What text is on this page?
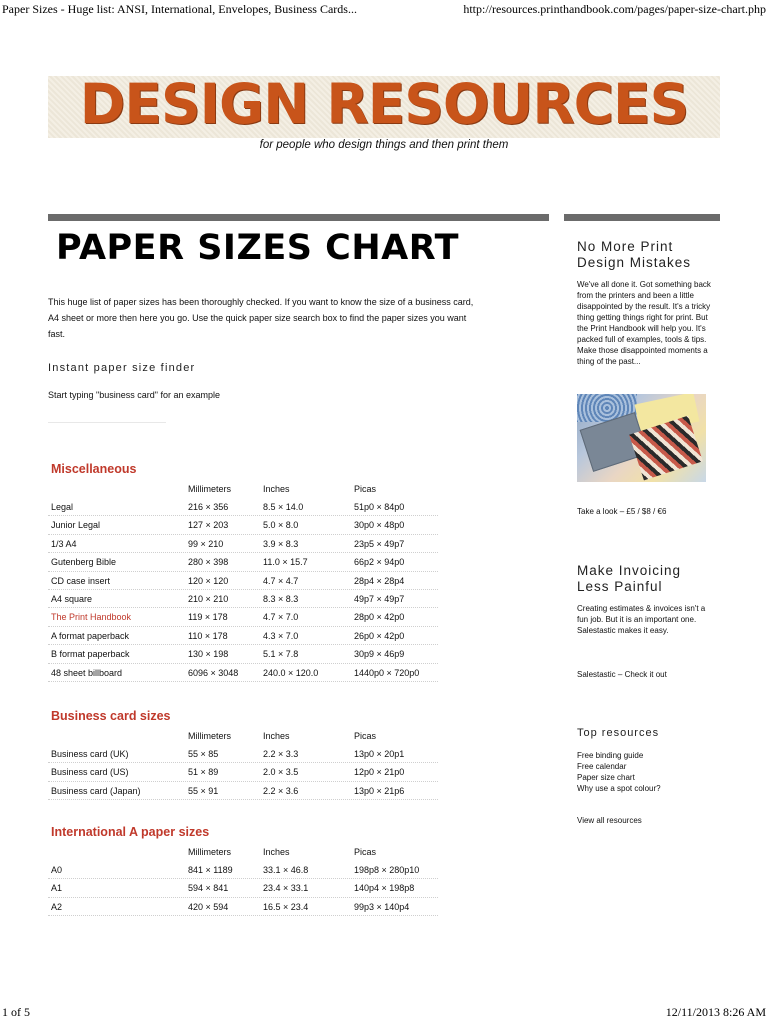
Paper Sizes - Huge list: ANSI, International, Envelopes, Business Cards...	http://resources.printhandbook.com/pages/paper-size-chart.php
DESIGN RESOURCES
for people who design things and then print them
PAPER SIZES CHART

This huge list of paper sizes has been thoroughly checked. If you want to know the size of a business card, A4 sheet or more then here you go. Use the quick paper size search box to find the paper sizes you want fast.

Instant paper size finder
Start typing "business card" for an example
Miscellaneous
Millimeters	Inches	Picas
Legal	216 × 356	8.5 × 14.0	51p0 × 84p0
Junior Legal	127 × 203	5.0 × 8.0	30p0 × 48p0
1/3 A4	99 × 210	3.9 × 8.3	23p5 × 49p7
Gutenberg Bible	280 × 398	11.0 × 15.7	66p2 × 94p0
CD case insert	120 × 120	4.7 × 4.7	28p4 × 28p4
A4 square	210 × 210	8.3 × 8.3	49p7 × 49p7
The Print Handbook	119 × 178	4.7 × 7.0	28p0 × 42p0
A format paperback	110 × 178	4.3 × 7.0	26p0 × 42p0
B format paperback	130 × 198	5.1 × 7.8	30p9 × 46p9
48 sheet billboard	6096 × 3048	240.0 × 120.0	1440p0 × 720p0
Business card sizes
Millimeters	Inches	Picas
Business card (UK)	55 × 85	2.2 × 3.3	13p0 × 20p1
Business card (US)	51 × 89	2.0 × 3.5	12p0 × 21p0
Business card (Japan)	55 × 91	2.2 × 3.6	13p0 × 21p6
International A paper sizes
Millimeters	Inches	Picas
A0	841 × 1189	33.1 × 46.8	198p8 × 280p10
A1	594 × 841	23.4 × 33.1	140p4 × 198p8
A2	420 × 594	16.5 × 23.4	99p3 × 140p4
No More Print
Design Mistakes

We've all done it. Got something back from the printers and been a little disappointed by the result. It's a tricky thing getting things right for print. But the Print Handbook will help you. It's packed full of examples, tools & tips. Make those disappointed moments a thing of the past...

Take a look – £5 / $8 / €6
Make Invoicing
Less Painful

Creating estimates & invoices isn't a fun job. But it is an important one. Salestastic makes it easy.

Salestastic – Check it out
Top resources
Free binding guide
Free calendar
Paper size chart
Why use a spot colour?
View all resources
1 of 5	12/11/2013 8:26 AM
